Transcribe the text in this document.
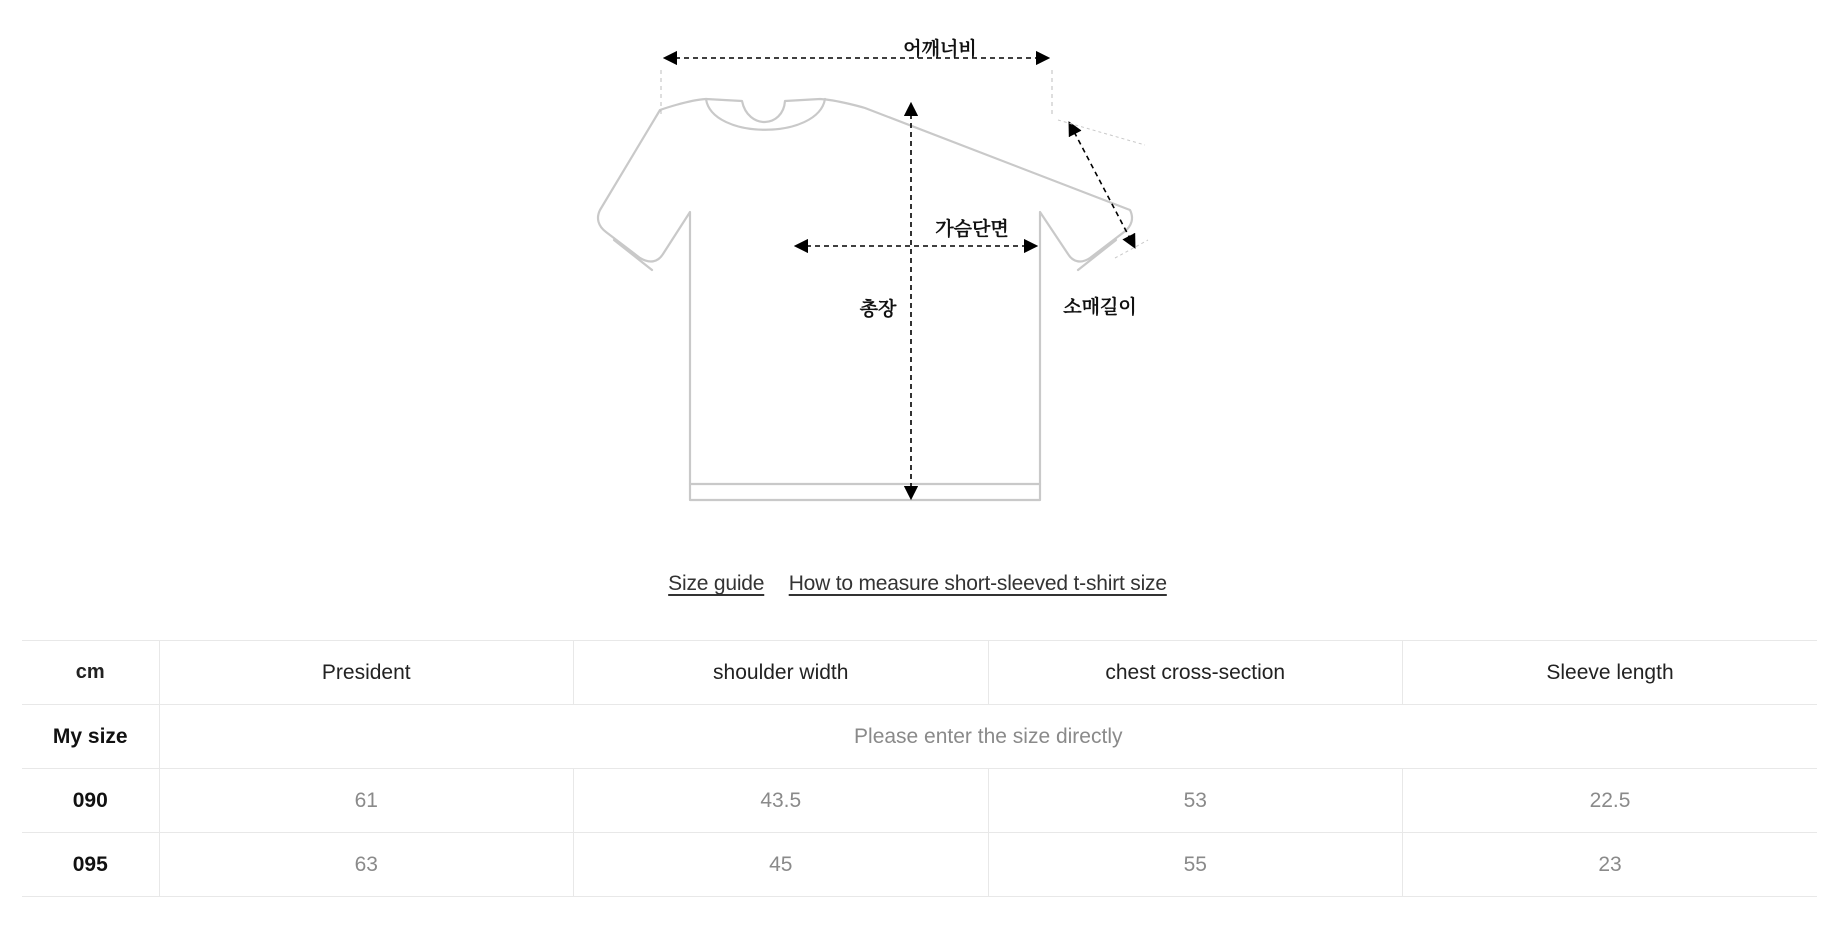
어깨너비
가슴단면
총장	소매길이
Size guide How to measure short-sleeved t-shirt size
cm	President	shoulder width	chest cross-section	Sleeve length
My size	Please enter the size directly			
090	61	43.5	53	22.5
095	63	45	55	23
